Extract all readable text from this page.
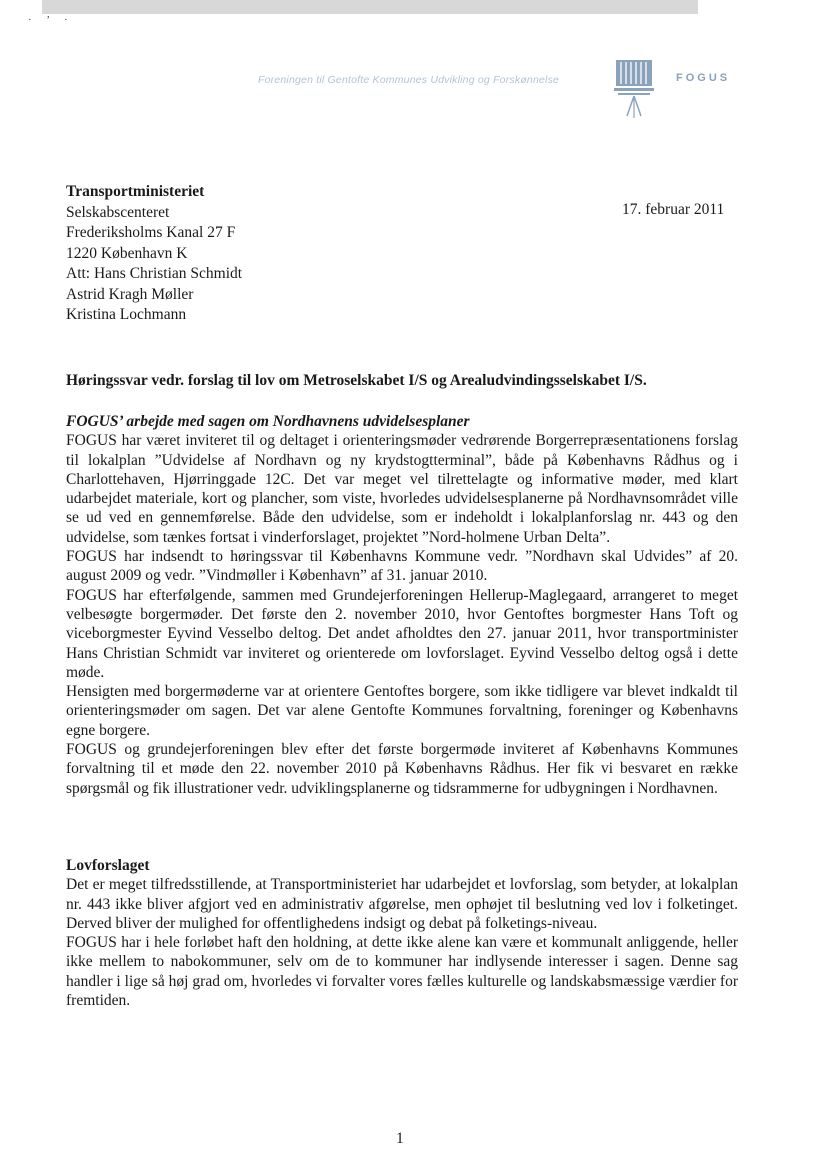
· ’ ·
Foreningen til Gentofte Kommunes Udvikling og Forskønnelse	FOGUS
Transportministeriet
Selskabscenteret
Frederiksholms Kanal 27 F
1220 København K
Att: Hans Christian Schmidt
Astrid Kragh Møller
Kristina Lochmann
17. februar 2011
Høringssvar vedr. forslag til lov om Metroselskabet I/S og Arealudvindingsselskabet I/S.
FOGUS’ arbejde med sagen om Nordhavnens udvidelsesplaner

FOGUS har været inviteret til og deltaget i orienteringsmøder vedrørende Borgerrepræsentationens forslag til lokalplan ”Udvidelse af Nordhavn og ny krydstogtterminal”, både på Københavns Rådhus og i Charlottehaven, Hjørringgade 12C. Det var meget vel tilrettelagte og informative møder, med klart udarbejdet materiale, kort og plancher, som viste, hvorledes udvidelsesplanerne på Nordhavnsområdet ville se ud ved en gennemførelse. Både den udvidelse, som er indeholdt i lokalplanforslag nr. 443 og den udvidelse, som tænkes fortsat i vinderforslaget, projektet ”Nord-holmene Urban Delta”.

FOGUS har indsendt to høringssvar til Københavns Kommune vedr. ”Nordhavn skal Udvides” af 20. august 2009 og vedr. ”Vindmøller i København” af 31. januar 2010.

FOGUS har efterfølgende, sammen med Grundejerforeningen Hellerup-Maglegaard, arrangeret to meget velbesøgte borgermøder. Det første den 2. november 2010, hvor Gentoftes borgmester Hans Toft og viceborgmester Eyvind Vesselbo deltog. Det andet afholdtes den 27. januar 2011, hvor transportminister Hans Christian Schmidt var inviteret og orienterede om lovforslaget. Eyvind Vesselbo deltog også i dette møde.

Hensigten med borgermøderne var at orientere Gentoftes borgere, som ikke tidligere var blevet indkaldt til orienteringsmøder om sagen. Det var alene Gentofte Kommunes forvaltning, foreninger og Københavns egne borgere.

FOGUS og grundejerforeningen blev efter det første borgermøde inviteret af Københavns Kommunes forvaltning til et møde den 22. november 2010 på Københavns Rådhus. Her fik vi besvaret en række spørgsmål og fik illustrationer vedr. udviklingsplanerne og tidsrammerne for udbygningen i Nordhavnen.

Lovforslaget

Det er meget tilfredsstillende, at Transportministeriet har udarbejdet et lovforslag, som betyder, at lokalplan nr. 443 ikke bliver afgjort ved en administrativ afgørelse, men ophøjet til beslutning ved lov i folketinget. Derved bliver der mulighed for offentlighedens indsigt og debat på folketings-niveau.

FOGUS har i hele forløbet haft den holdning, at dette ikke alene kan være et kommunalt anliggende, heller ikke mellem to nabokommuner, selv om de to kommuner har indlysende interesser i sagen. Denne sag handler i lige så høj grad om, hvorledes vi forvalter vores fælles kulturelle og landskabsmæssige værdier for fremtiden.

1
